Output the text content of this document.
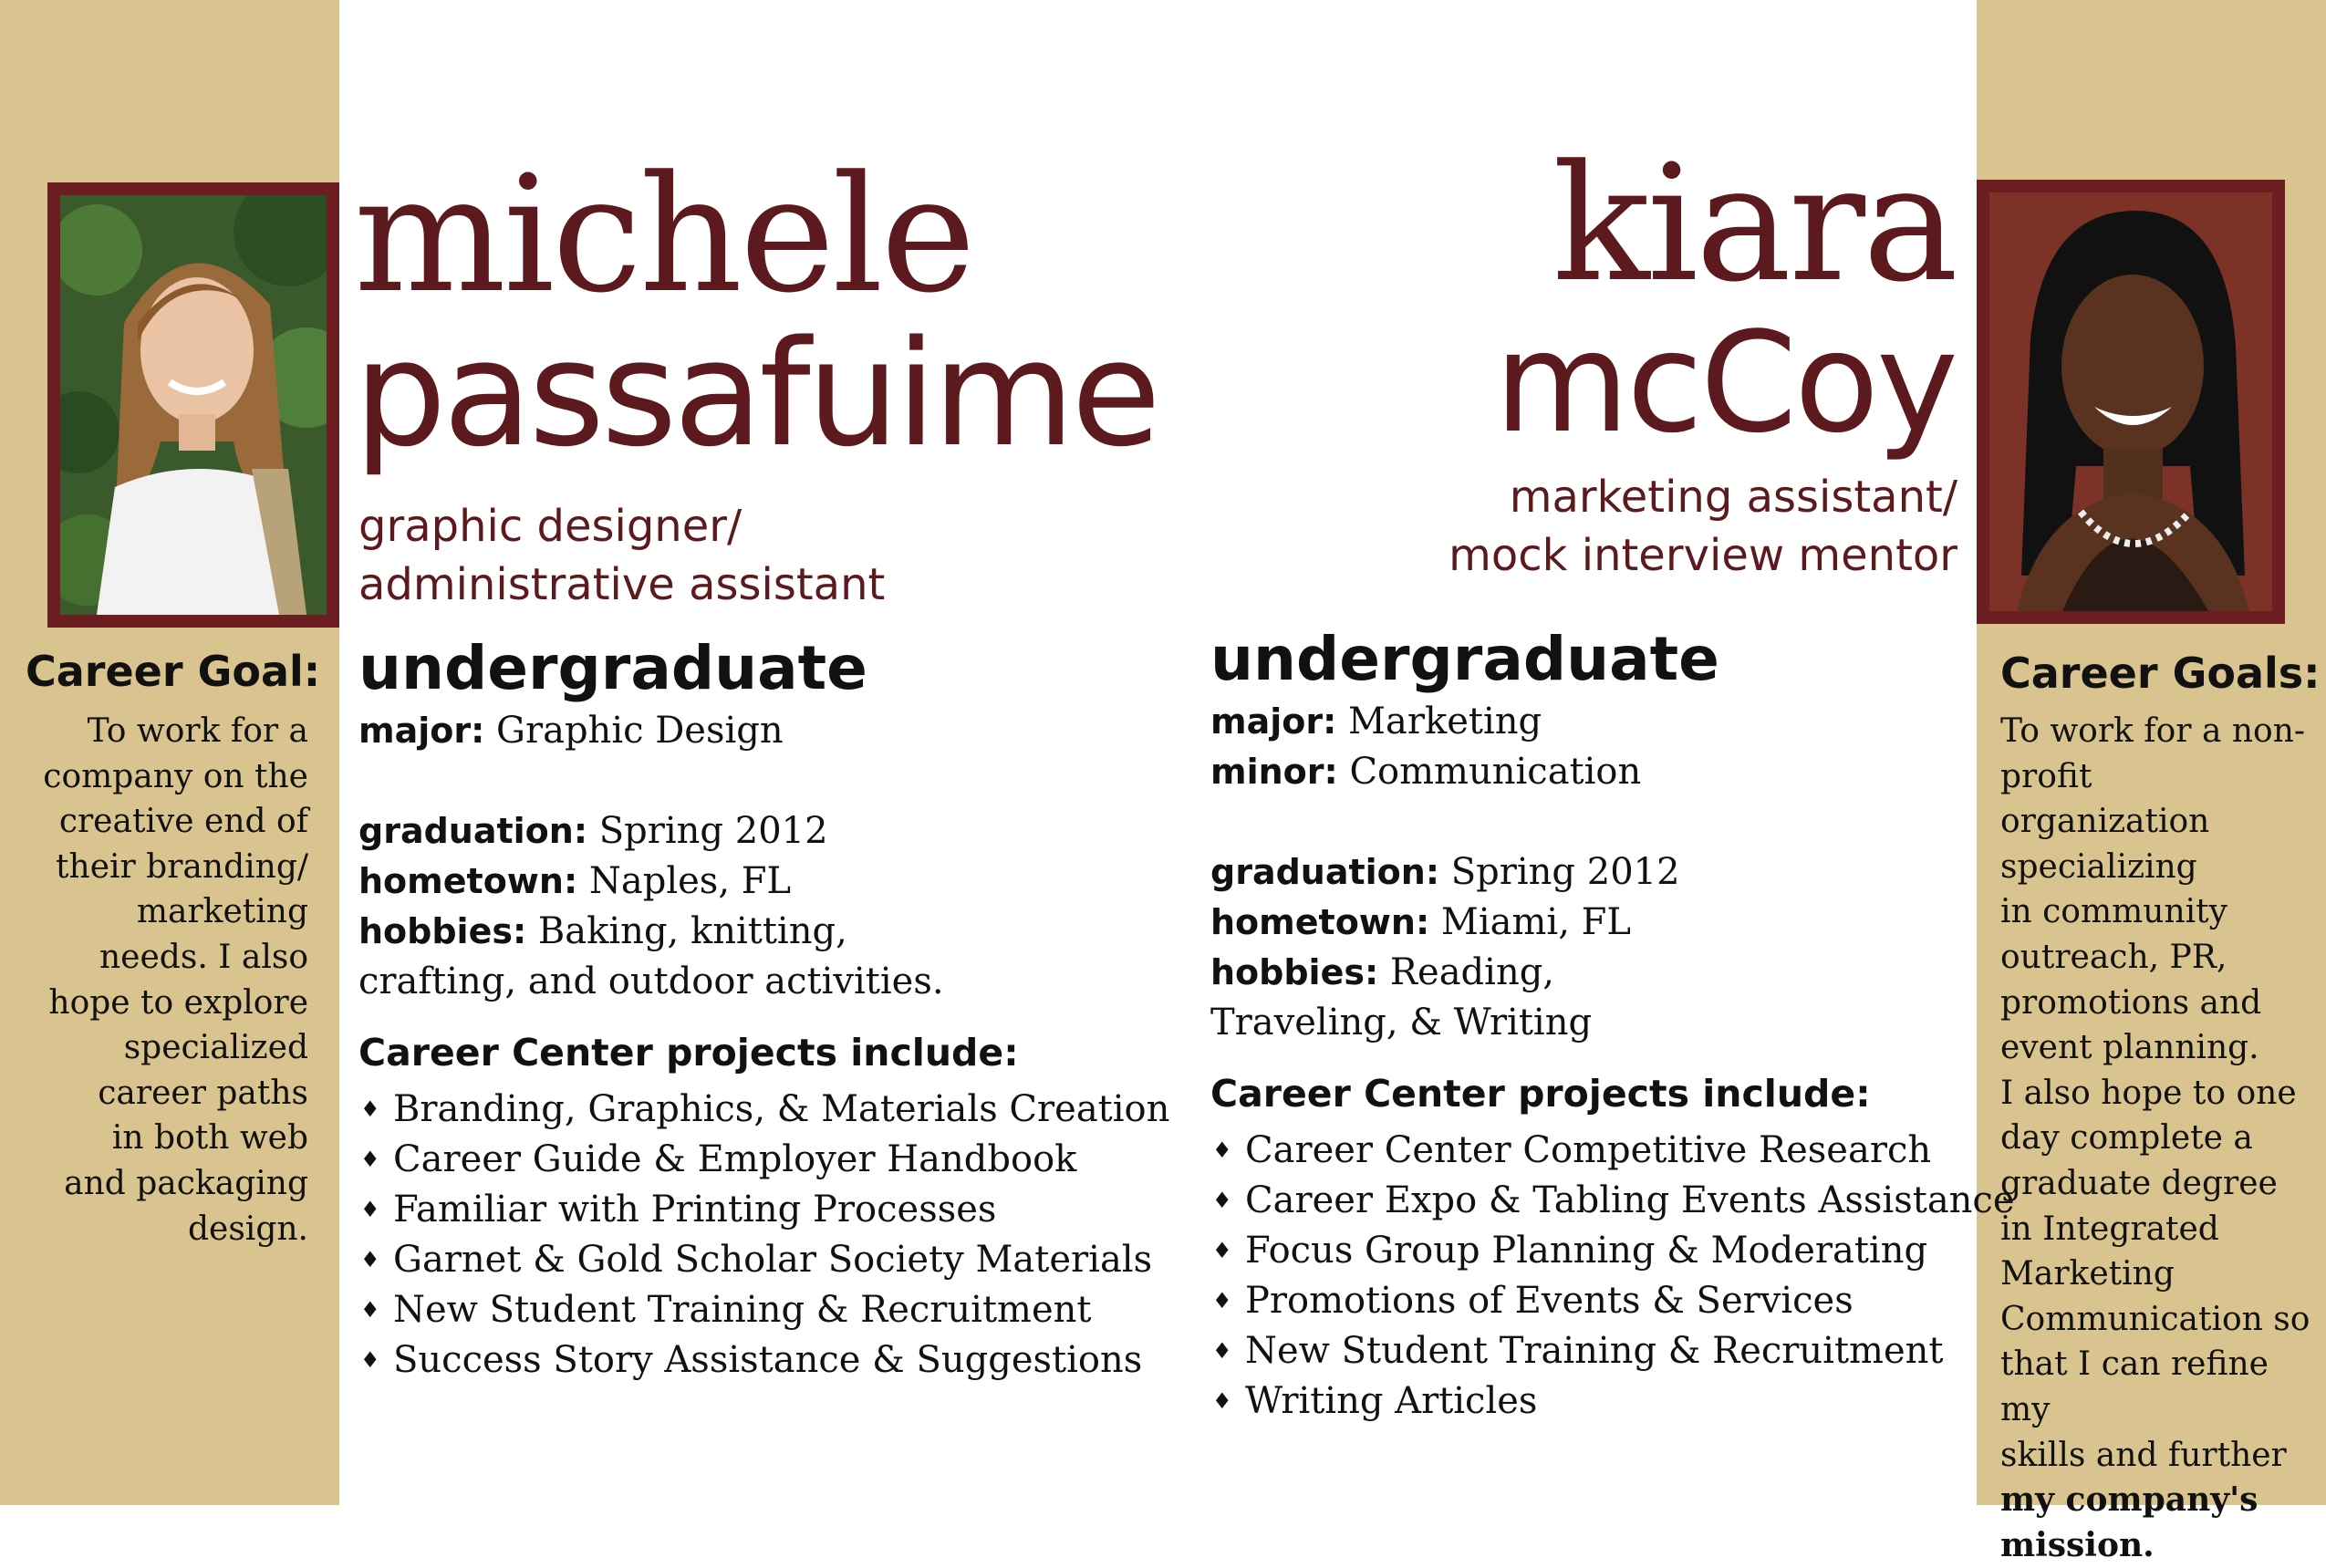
Career Goal:
To work for a
company on the
creative end of
their branding/
marketing
needs. I also
hope to explore
specialized
career paths
in both web
and packaging
design.
Career Goals:
To work for a non-
profit organization
specializing
in community
outreach, PR,
promotions and
event planning.
I also hope to one
day complete a
graduate degree
in Integrated
Marketing
Communication so
that I can refine my
skills and further
my company's
mission.
michele
passafuime
graphic designer/
administrative assistant
kiara
mcCoy
marketing assistant/
mock interview mentor
undergraduate
major: Graphic Design
graduation: Spring 2012
hometown: Naples, FL
hobbies: Baking, knitting,
crafting, and outdoor activities.
Career Center projects include:
♦ Branding, Graphics, & Materials Creation
♦ Career Guide & Employer Handbook
♦ Familiar with Printing Processes
♦ Garnet & Gold Scholar Society Materials
♦ New Student Training & Recruitment
♦ Success Story Assistance & Suggestions
undergraduate
major: Marketing
minor: Communication
graduation: Spring 2012
hometown: Miami, FL
hobbies: Reading,
Traveling, & Writing
Career Center projects include:
♦ Career Center Competitive Research
♦ Career Expo & Tabling Events Assistance
♦ Focus Group Planning & Moderating
♦ Promotions of Events & Services
♦ New Student Training & Recruitment
♦ Writing Articles
